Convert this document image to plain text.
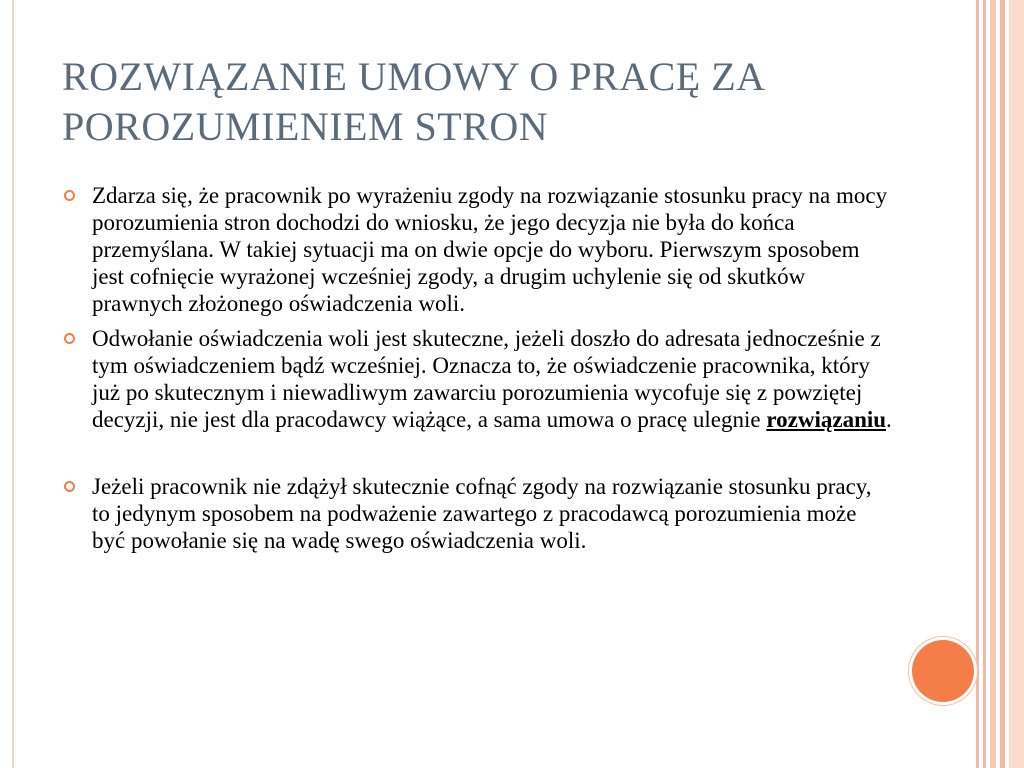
ROZWIĄZANIE UMOWY O PRACĘ ZA POROZUMIENIEM STRON
Zdarza się, że pracownik po wyrażeniu zgody na rozwiązanie stosunku pracy na mocy porozumienia stron dochodzi do wniosku, że jego decyzja nie była do końca przemyślana. W takiej sytuacji ma on dwie opcje do wyboru. Pierwszym sposobem jest cofnięcie wyrażonej wcześniej zgody, a drugim uchylenie się od skutków prawnych złożonego oświadczenia woli.
Odwołanie oświadczenia woli jest skuteczne, jeżeli doszło do adresata jednocześnie z tym oświadczeniem bądź wcześniej. Oznacza to, że oświadczenie pracownika, który już po skutecznym i niewadliwym zawarciu porozumienia wycofuje się z powziętej decyzji, nie jest dla pracodawcy wiążące, a sama umowa o pracę ulegnie rozwiązaniu.
Jeżeli pracownik nie zdążył skutecznie cofnąć zgody na rozwiązanie stosunku pracy, to jedynym sposobem na podważenie zawartego z pracodawcą porozumienia może być powołanie się na wadę swego oświadczenia woli.
